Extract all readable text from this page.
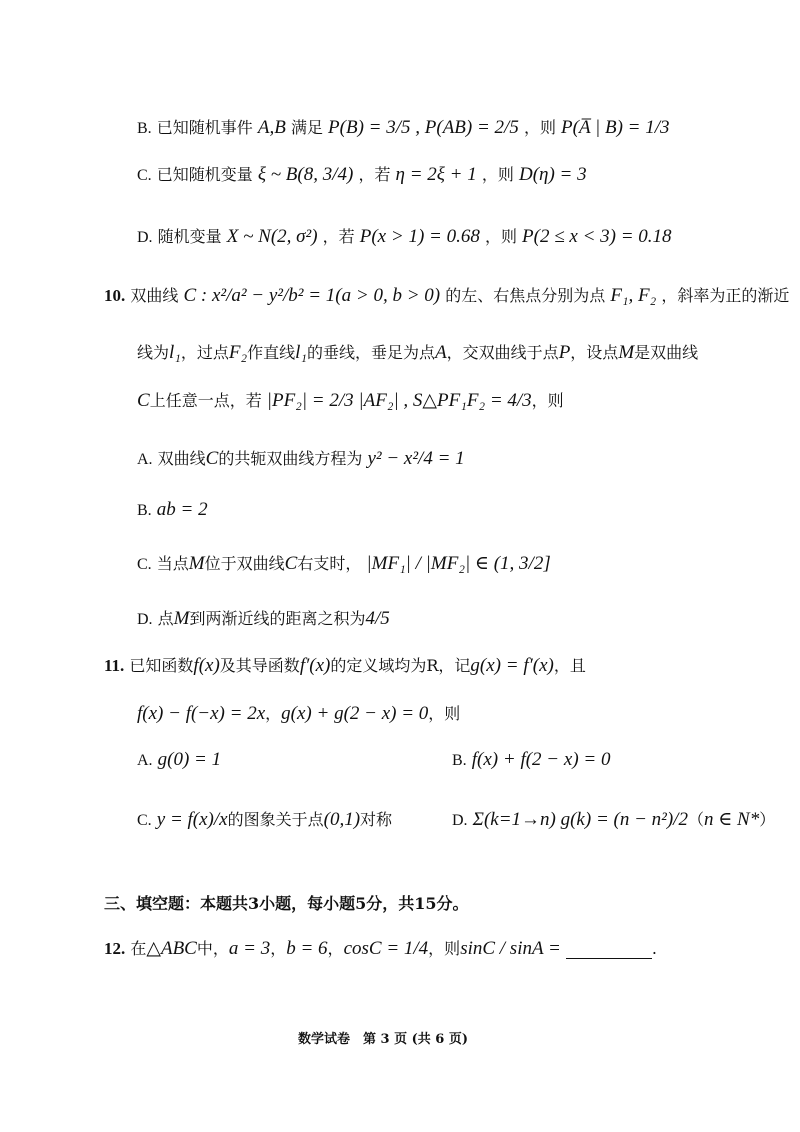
B. 已知随机事件 A,B 满足 P(B) = 3/5 , P(AB) = 2/5 ，则 P(A̅ | B) = 1/3
C. 已知随机变量 ξ ~ B(8, 3/4) ，若 η = 2ξ + 1 ，则 D(η) = 3
D. 随机变量 X ~ N(2, σ²) ，若 P(x > 1) = 0.68 ，则 P(2 ≤ x < 3) = 0.18
10. 双曲线 C : x²/a² − y²/b² = 1(a > 0, b > 0) 的左、右焦点分别为点 F₁, F₂ ，斜率为正的渐近
线为l₁，过点F₂作直线l₁的垂线，垂足为点A，交双曲线于点P，设点M是双曲线
C上任意一点，若 |PF₂| = 2/3 |AF₂| , S△PF₁F₂ = 4/3，则
A. 双曲线C的共轭双曲线方程为 y² − x²/4 = 1
B. ab = 2
C. 当点M位于双曲线C右支时， |MF₁| / |MF₂| ∈ (1, 3/2]
D. 点M到两渐近线的距离之积为4/5
11. 已知函数f(x)及其导函数f′(x)的定义域均为R，记g(x) = f′(x)，且
f(x) − f(−x) = 2x，g(x) + g(2 − x) = 0，则
A. g(0) = 1	B. f(x) + f(2 − x) = 0
C. y = f(x)/x的图象关于点(0,1)对称	D. Σ(k=1→n) g(k) = (n − n²)/2（n ∈ N*）
三、填空题：本题共3小题，每小题5分，共15分。
12. 在△ABC中，a = 3，b = 6，cosC = 1/4，则sinC / sinA =	.
数学试卷　第 3 页 (共 6 页)
